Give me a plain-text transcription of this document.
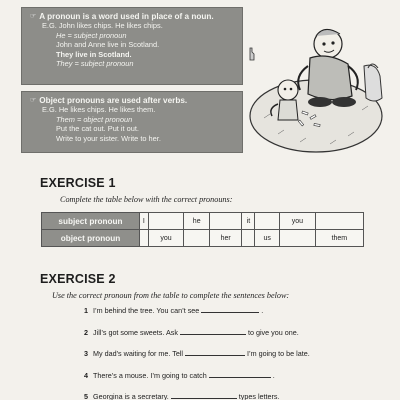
☞ A pronoun is a word used in place of a noun.
E.G. John likes chips. He likes chips.
He = subject pronoun
John and Anne live in Scotland.
They live in Scotland.
They = subject pronoun
☞ Object pronouns are used after verbs.
E.G. He likes chips. He likes them.
Them = object pronoun
Put the cat out. Put it out.
Write to your sister. Write to her.
EXERCISE 1
Complete the table below with the correct pronouns:
subject pronoun	I		he		it		you	
object pronoun		you		her		us		them
EXERCISE 2
Use the correct pronoun from the table to complete the sentences below:
1 I’m behind the tree. You can’t see	.
2 Jill’s got some sweets. Ask	to give you one.
3 My dad’s waiting for me. Tell	I’m going to be late.
4 There’s a mouse. I’m going to catch	.
5 Georgina is a secretary.	types letters.
